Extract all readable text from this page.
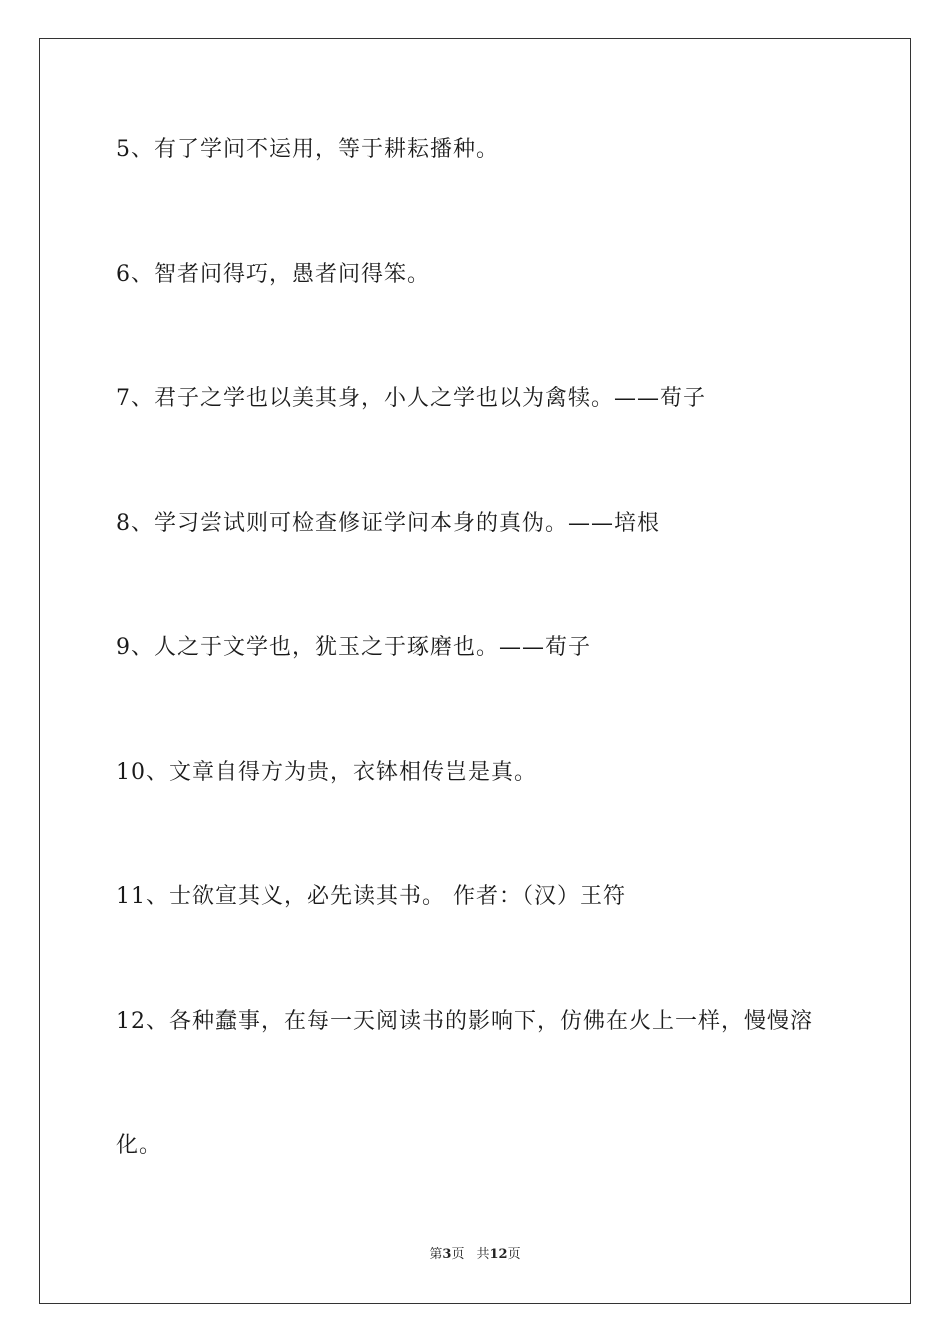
5、有了学问不运用，等于耕耘播种。
6、智者问得巧，愚者问得笨。
7、君子之学也以美其身，小人之学也以为禽犊。——荀子
8、学习尝试则可检查修证学问本身的真伪。——培根
9、人之于文学也，犹玉之于琢磨也。——荀子
10、文章自得方为贵，衣钵相传岂是真。
11、士欲宣其义，必先读其书。 作者：（汉）王符
12、各种蠢事，在每一天阅读书的影响下，仿佛在火上一样，慢慢溶
化。
第3页 共12页
